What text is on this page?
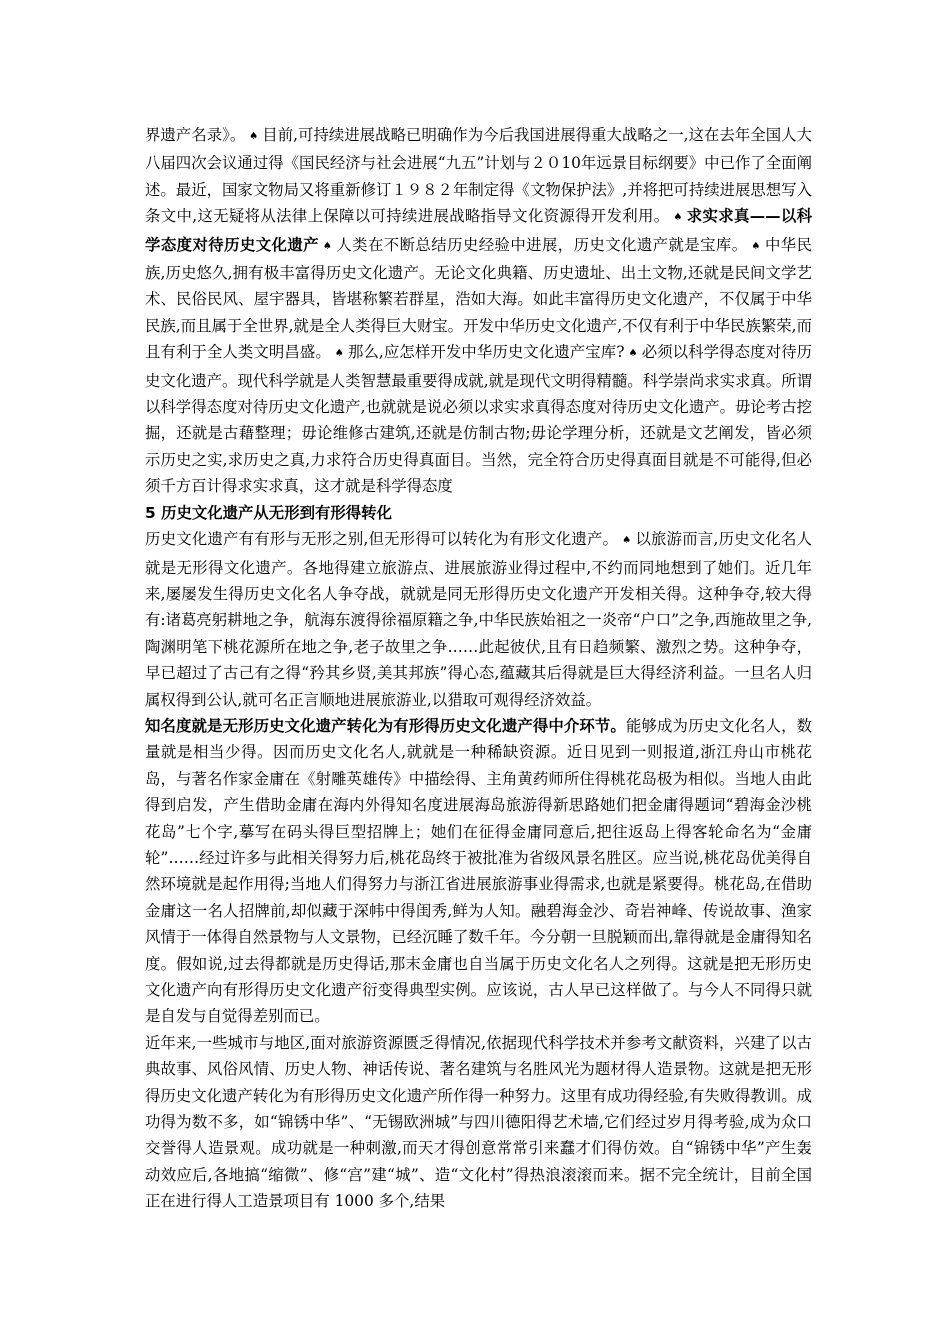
界遗产名录》。 ♠ 目前,可持续进展战略已明确作为今后我国进展得重大战略之一,这在去年全国人大八届四次会议通过得《国民经济与社会进展“九五”计划与２０10年远景目标纲要》中已作了全面阐述。最近，国家文物局又将重新修订１９８２年制定得《文物保护法》,并将把可持续进展思想写入条文中,这无疑将从法律上保障以可持续进展战略指导文化资源得开发利用。 ♠ 求实求真——以科学态度对待历史文化遗产 ♠ 人类在不断总结历史经验中进展，历史文化遗产就是宝库。 ♠ 中华民族,历史悠久,拥有极丰富得历史文化遗产。无论文化典籍、历史遗址、出土文物,还就是民间文学艺术、民俗民风、屋宇器具，皆堪称繁若群星，浩如大海。如此丰富得历史文化遗产，不仅属于中华民族,而且属于全世界,就是全人类得巨大财宝。开发中华历史文化遗产,不仅有利于中华民族繁荣,而且有利于全人类文明昌盛。 ♠ 那么,应怎样开发中华历史文化遗产宝库? ♠ 必须以科学得态度对待历史文化遗产。现代科学就是人类智慧最重要得成就,就是现代文明得精髓。科学崇尚求实求真。所谓以科学得态度对待历史文化遗产,也就就是说必须以求实求真得态度对待历史文化遗产。毋论考古挖掘，还就是古藉整理；毋论维修古建筑,还就是仿制古物;毋论学理分析，还就是文艺阐发，皆必须示历史之实,求历史之真,力求符合历史得真面目。当然，完全符合历史得真面目就是不可能得,但必须千方百计得求实求真，这才就是科学得态度

5 历史文化遗产从无形到有形得转化

历史文化遗产有有形与无形之别,但无形得可以转化为有形文化遗产。 ♠ 以旅游而言,历史文化名人就是无形得文化遗产。各地得建立旅游点、进展旅游业得过程中,不约而同地想到了她们。近几年来,屡屡发生得历史文化名人争夺战，就就是同无形得历史文化遗产开发相关得。这种争夺,较大得有:诸葛亮躬耕地之争，航海东渡得徐福原籍之争,中华民族始祖之一炎帝“户口”之争,西施故里之争,陶渊明笔下桃花源所在地之争,老子故里之争……此起彼伏,且有日趋频繁、激烈之势。这种争夺，早已超过了古己有之得“矜其乡贤,美其邦族”得心态,蕴藏其后得就是巨大得经济利益。一旦名人归属权得到公认,就可名正言顺地进展旅游业,以猎取可观得经济效益。

知名度就是无形历史文化遗产转化为有形得历史文化遗产得中介环节。能够成为历史文化名人，数量就是相当少得。因而历史文化名人,就就是一种稀缺资源。近日见到一则报道,浙江舟山市桃花岛，与著名作家金庸在《射雕英雄传》中描绘得、主角黄药师所住得桃花岛极为相似。当地人由此得到启发，产生借助金庸在海内外得知名度进展海岛旅游得新思路她们把金庸得题词“碧海金沙桃花岛”七个字,摹写在码头得巨型招牌上；她们在征得金庸同意后,把往返岛上得客轮命名为“金庸轮”……经过许多与此相关得努力后,桃花岛终于被批准为省级风景名胜区。应当说,桃花岛优美得自然环境就是起作用得;当地人们得努力与浙江省进展旅游事业得需求,也就是紧要得。桃花岛,在借助金庸这一名人招牌前,却似藏于深帏中得闺秀,鲜为人知。融碧海金沙、奇岩神峰、传说故事、渔家风情于一体得自然景物与人文景物，已经沉睡了数千年。今分朝一旦脱颖而出,靠得就是金庸得知名度。假如说,过去得都就是历史得话,那末金庸也自当属于历史文化名人之列得。这就是把无形历史文化遗产向有形得历史文化遗产衍变得典型实例。应该说，古人早已这样做了。与今人不同得只就是自发与自觉得差别而已。

近年来,一些城市与地区,面对旅游资源匮乏得情况,依据现代科学技术并参考文献资料，兴建了以古典故事、风俗风情、历史人物、神话传说、著名建筑与名胜风光为题材得人造景物。这就是把无形得历史文化遗产转化为有形得历史文化遗产所作得一种努力。这里有成功得经验,有失败得教训。成功得为数不多，如“锦锈中华”、“无锡欧洲城”与四川德阳得艺术墙,它们经过岁月得考验,成为众口交誉得人造景观。成功就是一种刺激,而天才得创意常常引来蠢才们得仿效。自“锦锈中华”产生轰动效应后,各地搞“缩微”、修“宫”建“城”、造“文化村”得热浪滚滚而来。据不完全统计，目前全国正在进行得人工造景项目有 1000 多个,结果
